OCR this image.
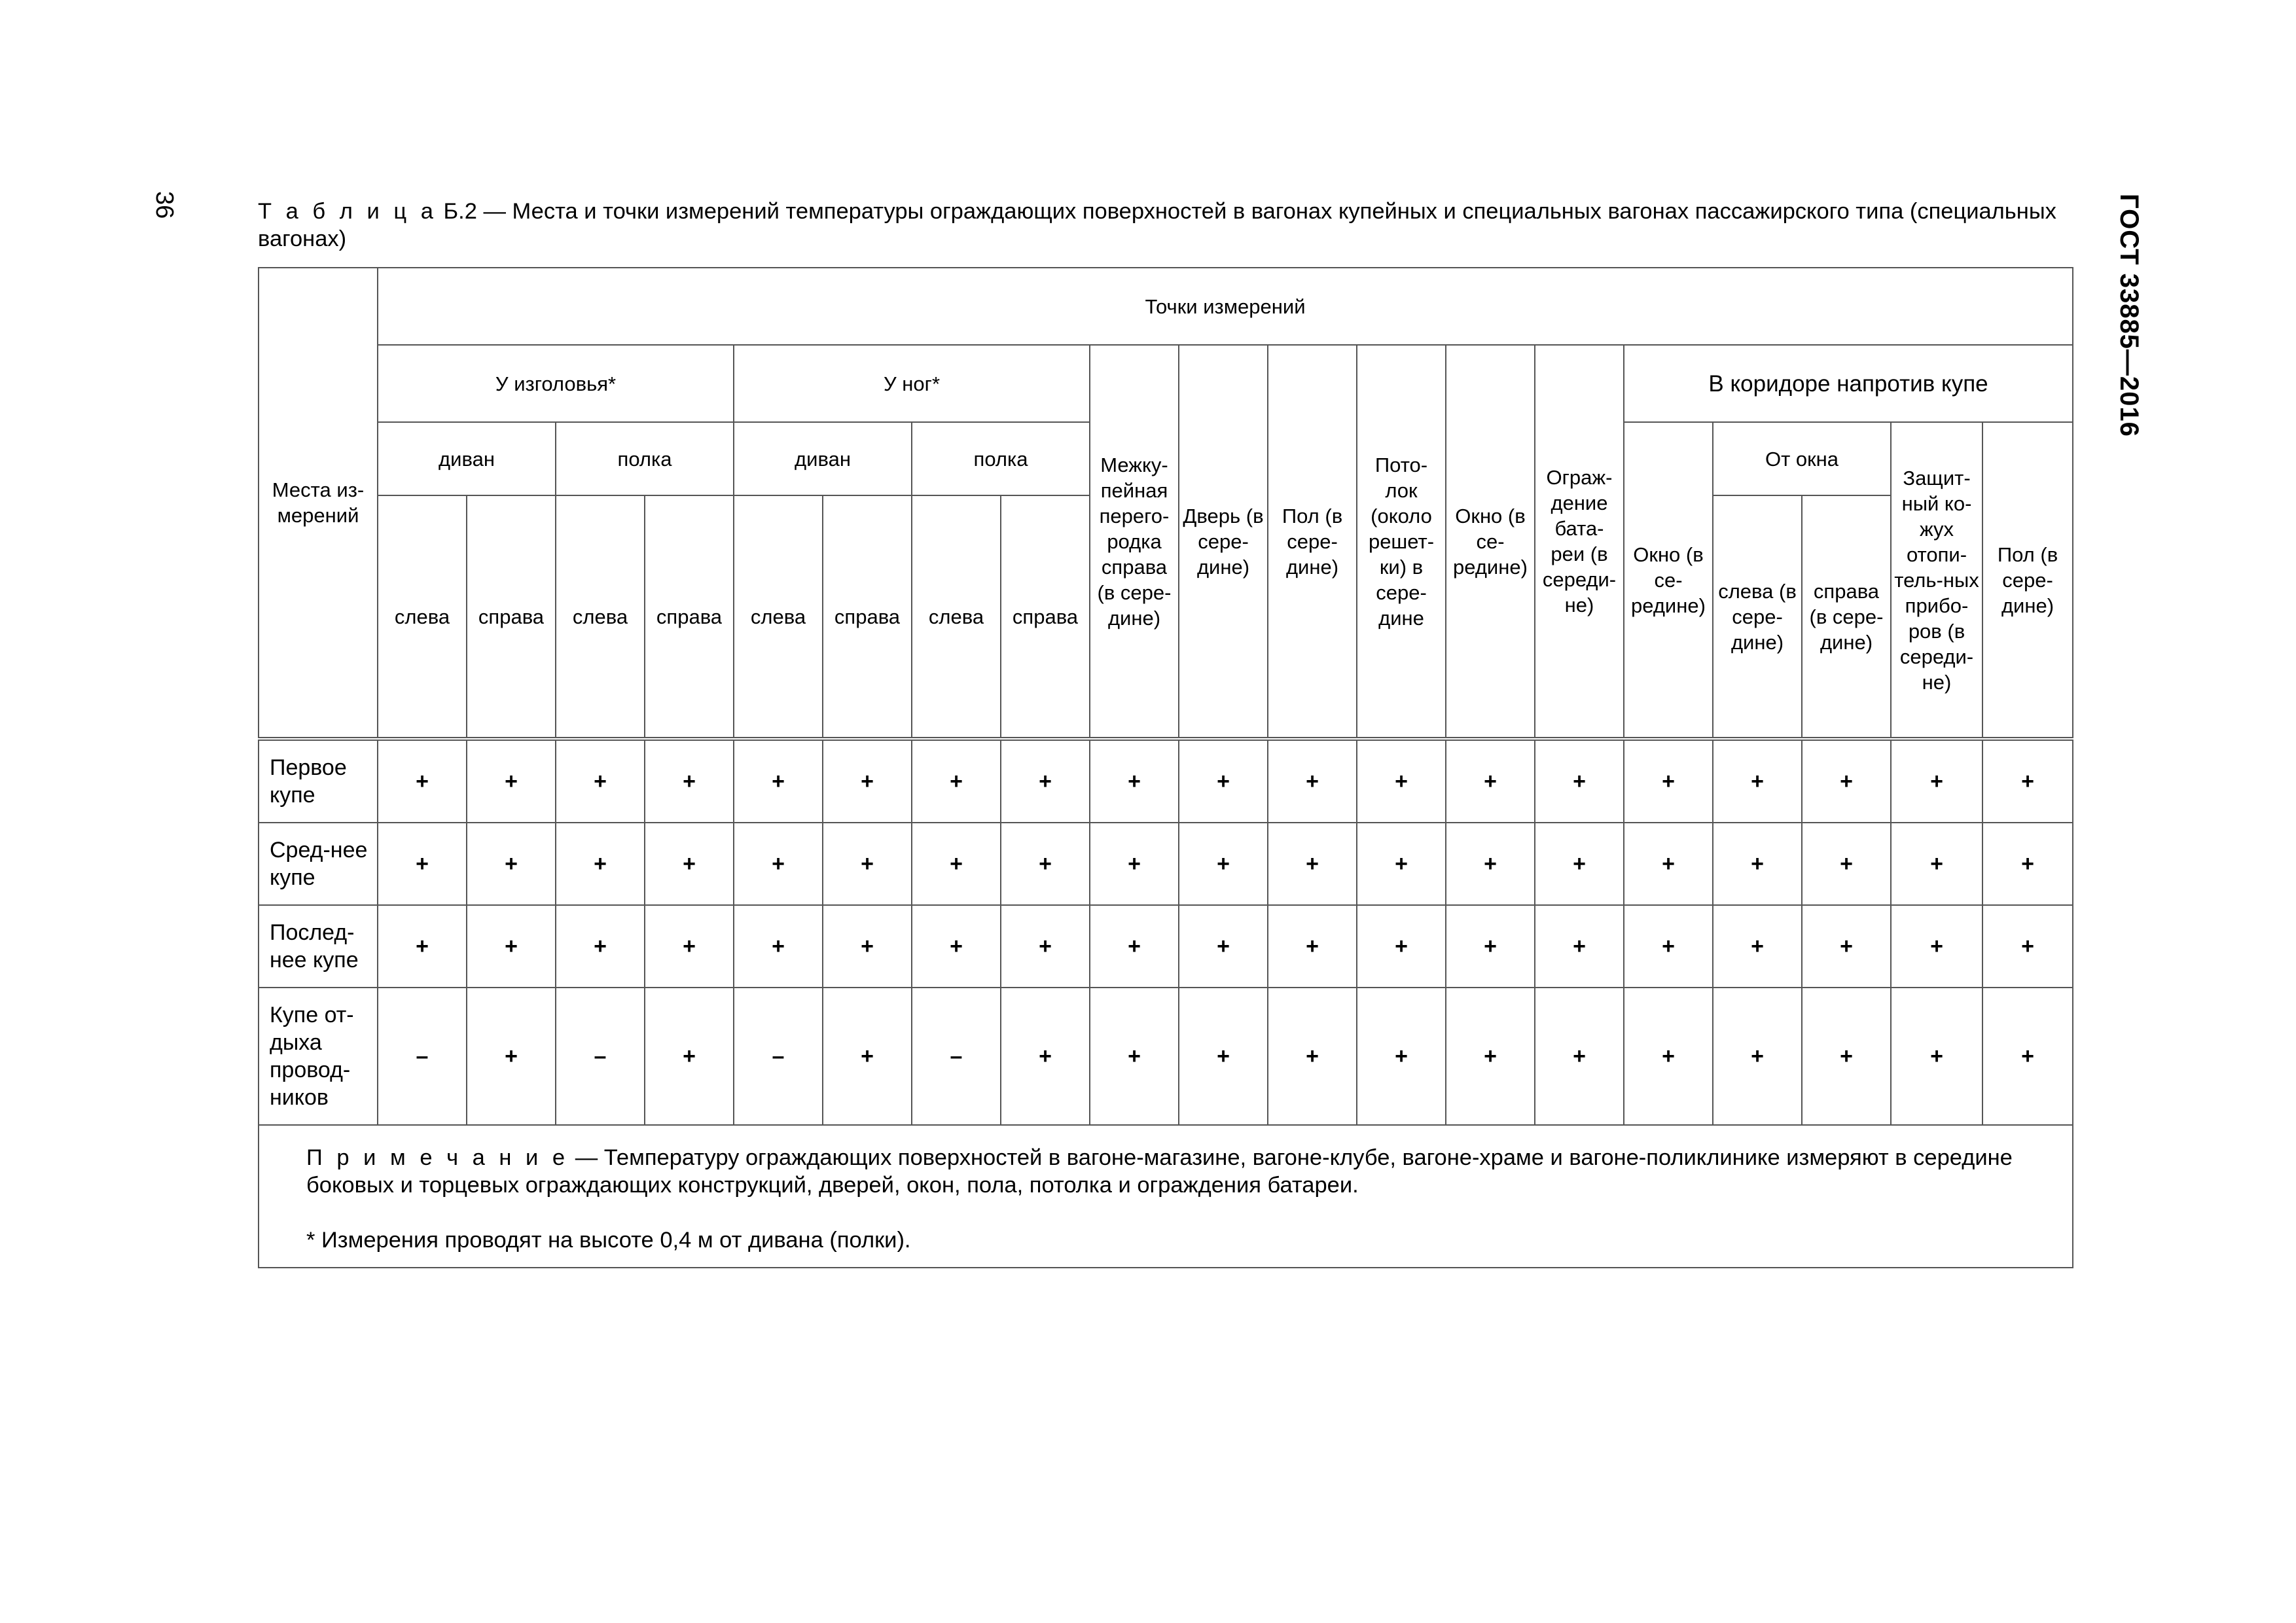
36	ГОСТ 33885—2016
Т а б л и ц а Б.2 — Места и точки измерений температуры ограждающих поверхностей в вагонах купейных и специальных вагонах пассажирского типа (специальных вагонах)
Места из-мерений	Точки измерений																		
	У изголовья*				У ног*				Межку-пейная перего-родка справа (в сере-дине)	Дверь (в сере-дине)	Пол (в сере-дине)	Пото-лок (около решет-ки) в сере-дине	Окно (в се-редине)	Ограж-дение бата-реи (в середи-не)	В коридоре напротив купе				
	диван		полка		диван		полка								Окно (в се-редине)	От окна		Защит-ный ко-жух отопи-тель-ных прибо-ров (в середи-не)	Пол (в сере-дине)
	слева	справа	слева	справа	слева	справа	слева	справа								слева (в сере-дине)	справа (в сере-дине)		
Первое купе	+	+	+	+	+	+	+	+	+	+	+	+	+	+	+	+	+	+	+
Сред-нее купе	+	+	+	+	+	+	+	+	+	+	+	+	+	+	+	+	+	+	+
Послед-нее купе	+	+	+	+	+	+	+	+	+	+	+	+	+	+	+	+	+	+	+
Купе от-дыха провод-ников	–	+	–	+	–	+	–	+	+	+	+	+	+	+	+	+	+	+	+

П р и м е ч а н и е — Температуру ограждающих поверхностей в вагоне-магазине, вагоне-клубе, вагоне-храме и вагоне-поликлинике измеряют в середине боковых и торцевых ограждающих конструкций, дверей, окон, пола, потолка и ограждения батареи.

* Измерения проводят на высоте 0,4 м от дивана (полки).																			
